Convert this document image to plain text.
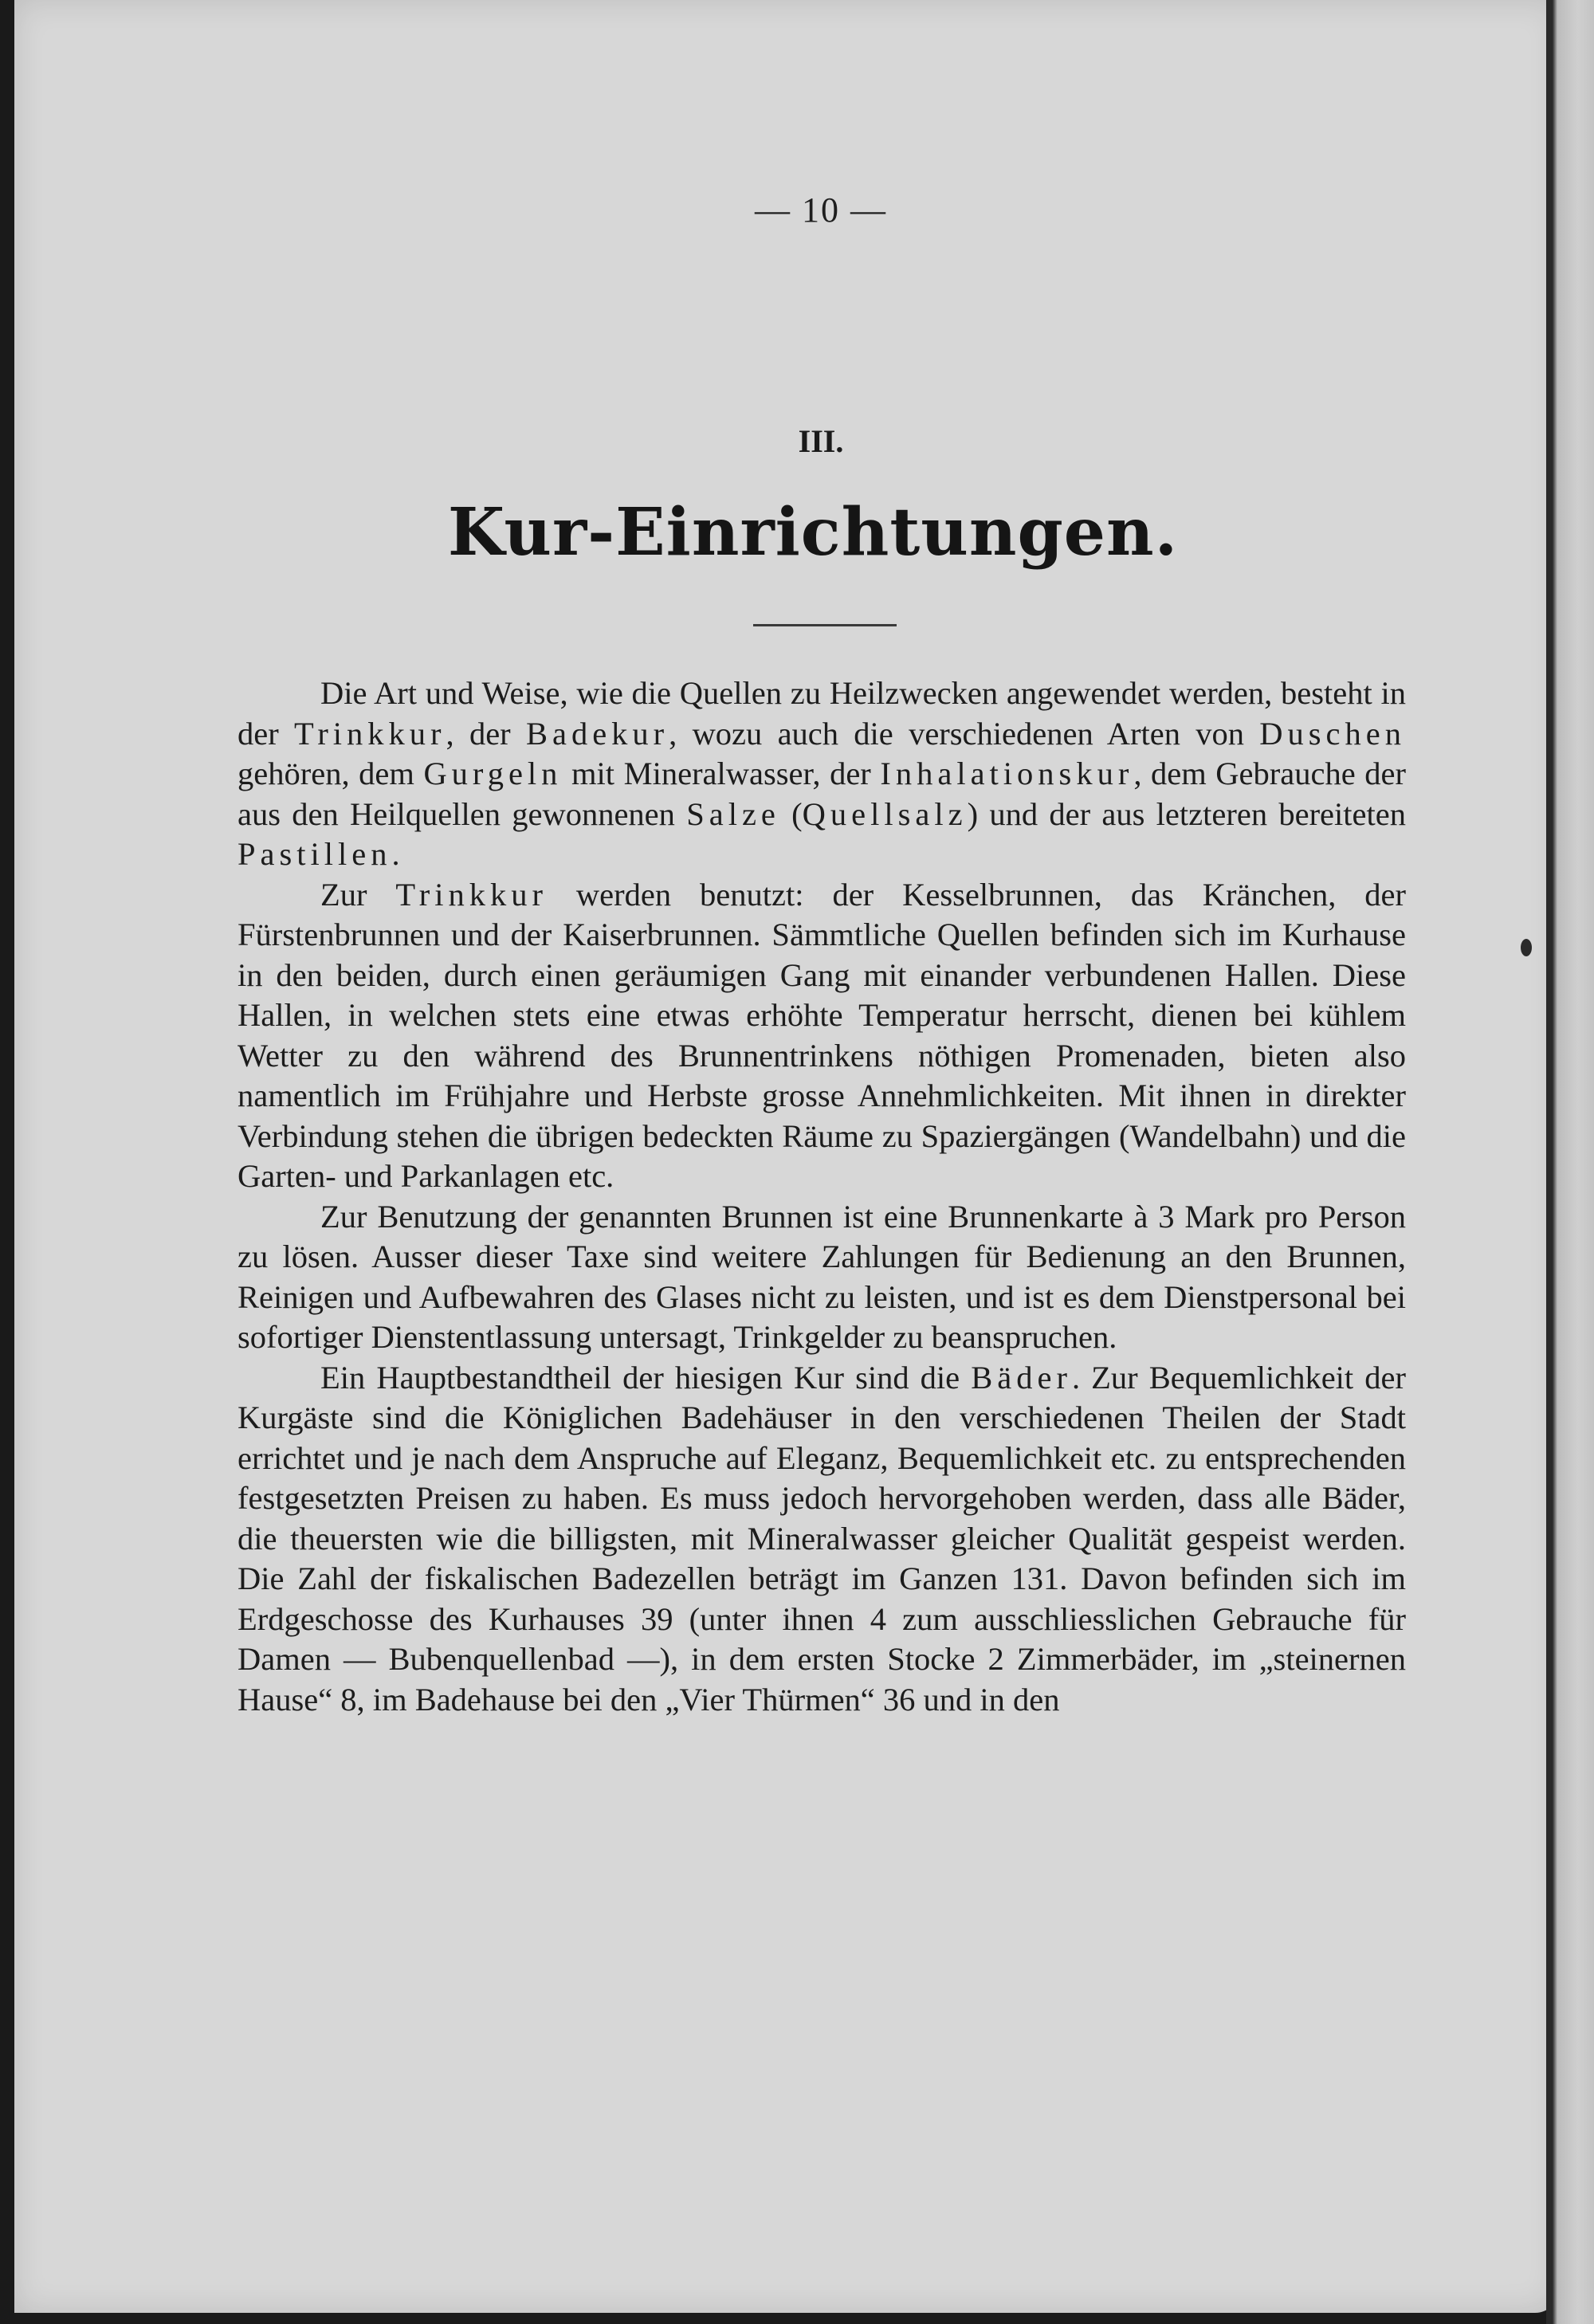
— 10 —
III.
Kur-Einrichtungen.

Die Art und Weise, wie die Quellen zu Heilzwecken angewendet werden, besteht in der Trinkkur, der Badekur, wozu auch die verschiedenen Arten von Duschen gehören, dem Gurgeln mit Mineralwasser, der Inhalationskur, dem Gebrauche der aus den Heilquellen gewonnenen Salze (Quellsalz) und der aus letzteren bereiteten Pastillen.

Zur Trinkkur werden benutzt: der Kesselbrunnen, das Kränchen, der Fürstenbrunnen und der Kaiserbrunnen. Sämmtliche Quellen befinden sich im Kurhause in den beiden, durch einen geräumigen Gang mit einander verbundenen Hallen. Diese Hallen, in welchen stets eine etwas erhöhte Temperatur herrscht, dienen bei kühlem Wetter zu den während des Brunnentrinkens nöthigen Promenaden, bieten also namentlich im Frühjahre und Herbste grosse Annehmlichkeiten. Mit ihnen in direkter Verbindung stehen die übrigen bedeckten Räume zu Spaziergängen (Wandelbahn) und die Garten- und Parkanlagen etc.

Zur Benutzung der genannten Brunnen ist eine Brunnenkarte à 3 Mark pro Person zu lösen. Ausser dieser Taxe sind weitere Zahlungen für Bedienung an den Brunnen, Reinigen und Aufbewahren des Glases nicht zu leisten, und ist es dem Dienstpersonal bei sofortiger Dienstentlassung untersagt, Trinkgelder zu beanspruchen.

Ein Hauptbestandtheil der hiesigen Kur sind die Bäder. Zur Bequemlichkeit der Kurgäste sind die Königlichen Badehäuser in den verschiedenen Theilen der Stadt errichtet und je nach dem Anspruche auf Eleganz, Bequemlichkeit etc. zu entsprechenden festgesetzten Preisen zu haben. Es muss jedoch hervorgehoben werden, dass alle Bäder, die theuersten wie die billigsten, mit Mineralwasser gleicher Qualität gespeist werden. Die Zahl der fiskalischen Badezellen beträgt im Ganzen 131. Davon befinden sich im Erdgeschosse des Kurhauses 39 (unter ihnen 4 zum ausschliesslichen Gebrauche für Damen — Bubenquellenbad —), in dem ersten Stocke 2 Zimmerbäder, im „steinernen Hause“ 8, im Badehause bei den „Vier Thürmen“ 36 und in den
